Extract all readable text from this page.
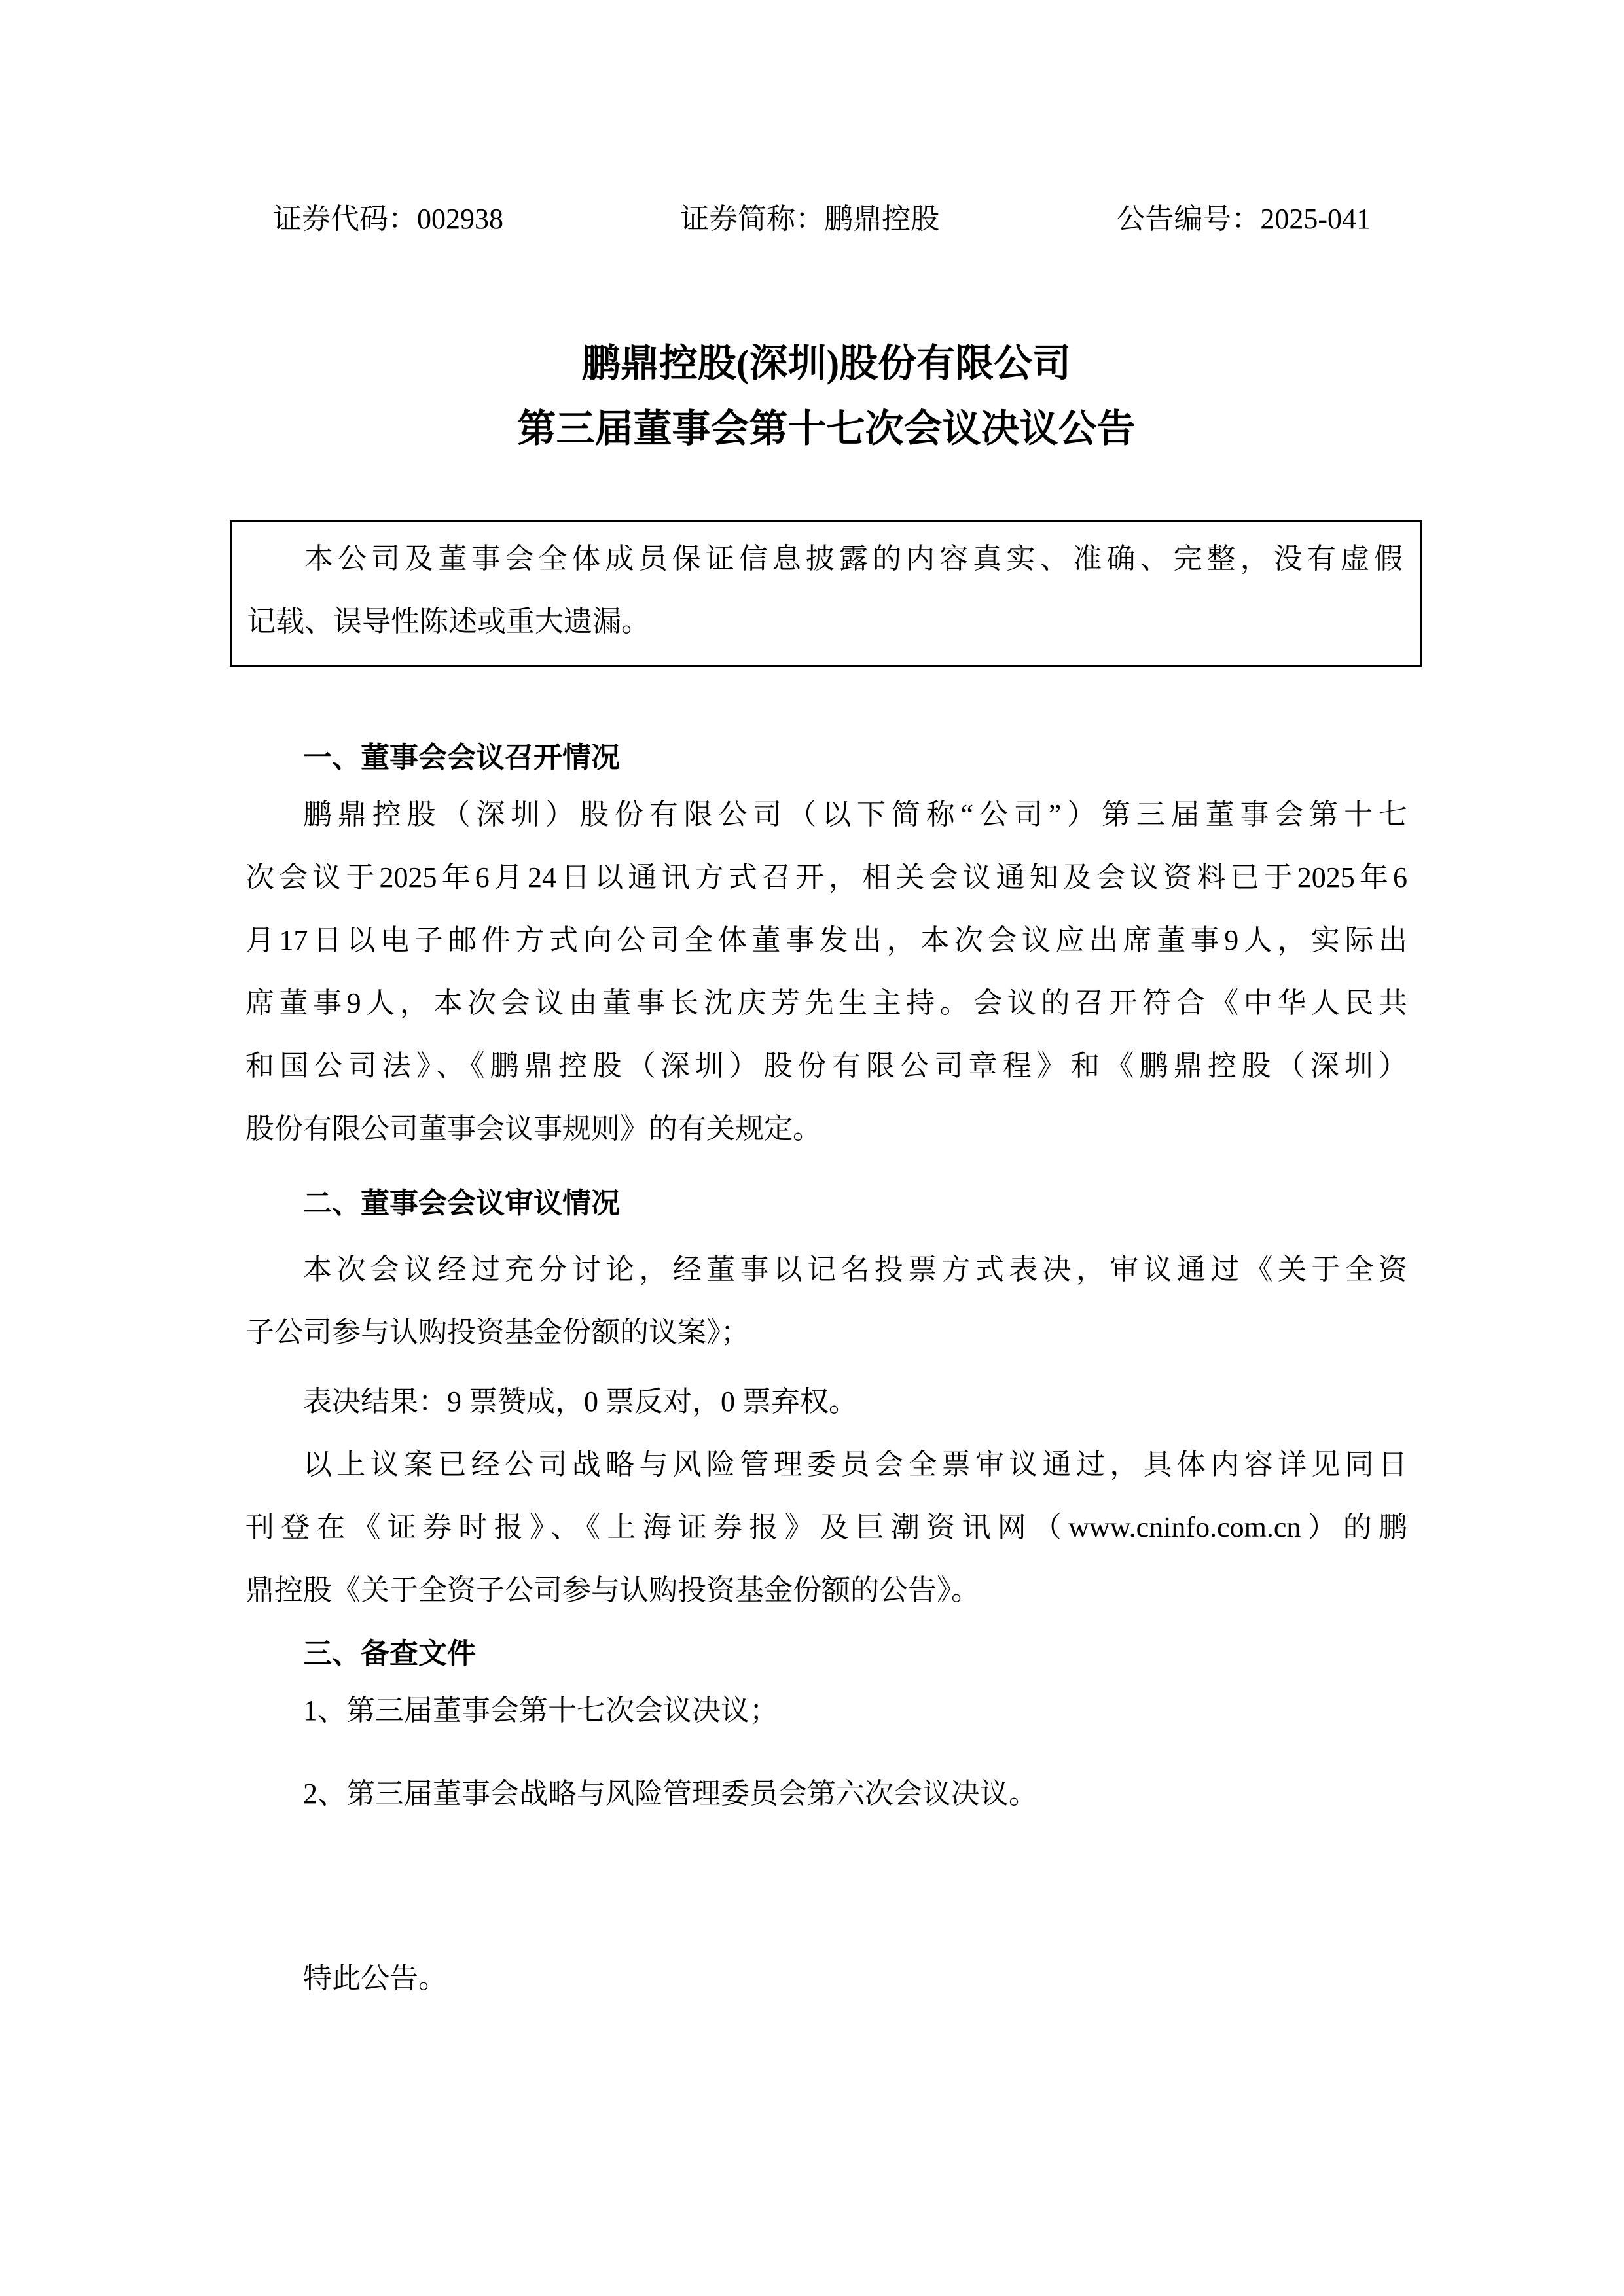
证券代码：002938	证券简称：鹏鼎控股	公告编号：2025-041
鹏鼎控股(深圳)股份有限公司
第三届董事会第十七次会议决议公告
本公司及董事会全体成员保证信息披露的内容真实、准确、完整，没有虚假
记载、误导性陈述或重大遗漏。
一、董事会会议召开情况
鹏鼎控股（深圳）股份有限公司（以下简称“公司”）第三届董事会第十七
次会议于2025年6月24日以通讯方式召开，相关会议通知及会议资料已于2025年6
月17日以电子邮件方式向公司全体董事发出，本次会议应出席董事9人，实际出
席董事9人，本次会议由董事长沈庆芳先生主持。会议的召开符合《中华人民共
和国公司法》、《鹏鼎控股（深圳）股份有限公司章程》和《鹏鼎控股（深圳）
股份有限公司董事会议事规则》的有关规定。
二、董事会会议审议情况
本次会议经过充分讨论，经董事以记名投票方式表决，审议通过《关于全资
子公司参与认购投资基金份额的议案》；
表决结果：9 票赞成，0 票反对，0 票弃权。
以上议案已经公司战略与风险管理委员会全票审议通过，具体内容详见同日
刊登在《证券时报》、《上海证券报》及巨潮资讯网（www.cninfo.com.cn）的鹏
鼎控股《关于全资子公司参与认购投资基金份额的公告》。
三、备查文件
1、第三届董事会第十七次会议决议；
2、第三届董事会战略与风险管理委员会第六次会议决议。
特此公告。
